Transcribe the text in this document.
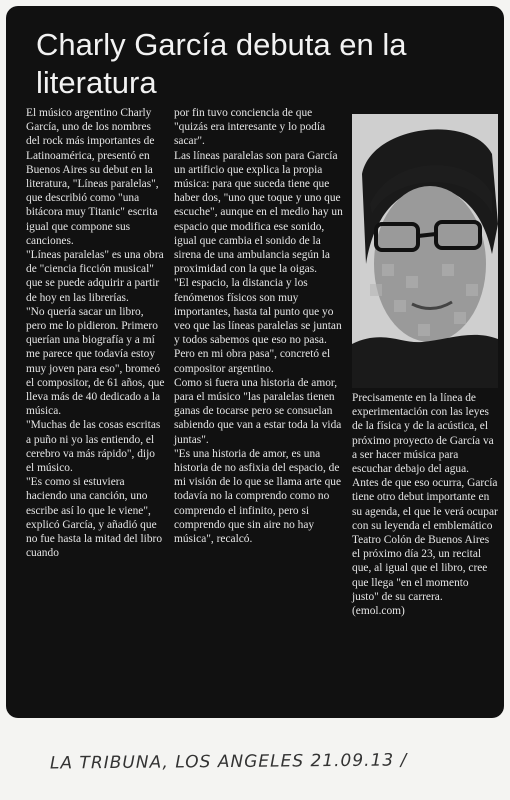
Charly García debuta en la literatura

El músico argentino Charly García, uno de los nombres del rock más importantes de Latinoamérica, presentó en Buenos Aires su debut en la literatura, "Líneas paralelas", que describió como "una bitácora muy Titanic" escrita igual que compone sus canciones.

"Líneas paralelas" es una obra de "ciencia ficción musical" que se puede adquirir a partir de hoy en las librerías.

"No quería sacar un libro, pero me lo pidieron. Primero querían una biografía y a mí me parece que todavía estoy muy joven para eso", bromeó el compositor, de 61 años, que lleva más de 40 dedicado a la música.

"Muchas de las cosas escritas a puño ni yo las entiendo, el cerebro va más rápido", dijo el músico.

"Es como si estuviera haciendo una canción, uno escribe así lo que le viene", explicó García, y añadió que no fue hasta la mitad del libro cuando

por fin tuvo conciencia de que "quizás era interesante y lo podía sacar".

Las líneas paralelas son para García un artificio que explica la propia música: para que suceda tiene que haber dos, "uno que toque y uno que escuche", aunque en el medio hay un espacio que modifica ese sonido, igual que cambia el sonido de la sirena de una ambulancia según la proximidad con la que la oigas.

"El espacio, la distancia y los fenómenos físicos son muy importantes, hasta tal punto que yo veo que las líneas paralelas se juntan y todos sabemos que eso no pasa. Pero en mi obra pasa", concretó el compositor argentino.

Como si fuera una historia de amor, para el músico "las paralelas tienen ganas de tocarse pero se consuelan sabiendo que van a estar toda la vida juntas".

"Es una historia de amor, es una historia de no asfixia del espacio, de mi visión de lo que se llama arte que todavía no la comprendo como no comprendo el infinito, pero si comprendo que sin aire no hay música", recalcó.

Precisamente en la línea de experimentación con las leyes de la física y de la acústica, el próximo proyecto de García va a ser hacer música para escuchar debajo del agua.

Antes de que eso ocurra, García tiene otro debut importante en su agenda, el que le verá ocupar con su leyenda el emblemático Teatro Colón de Buenos Aires el próximo día 23, un recital que, al igual que el libro, cree que llega "en el momento justo" de su carrera.

(emol.com)

LA TRIBUNA, LOS ANGELES 21.09.13 /
